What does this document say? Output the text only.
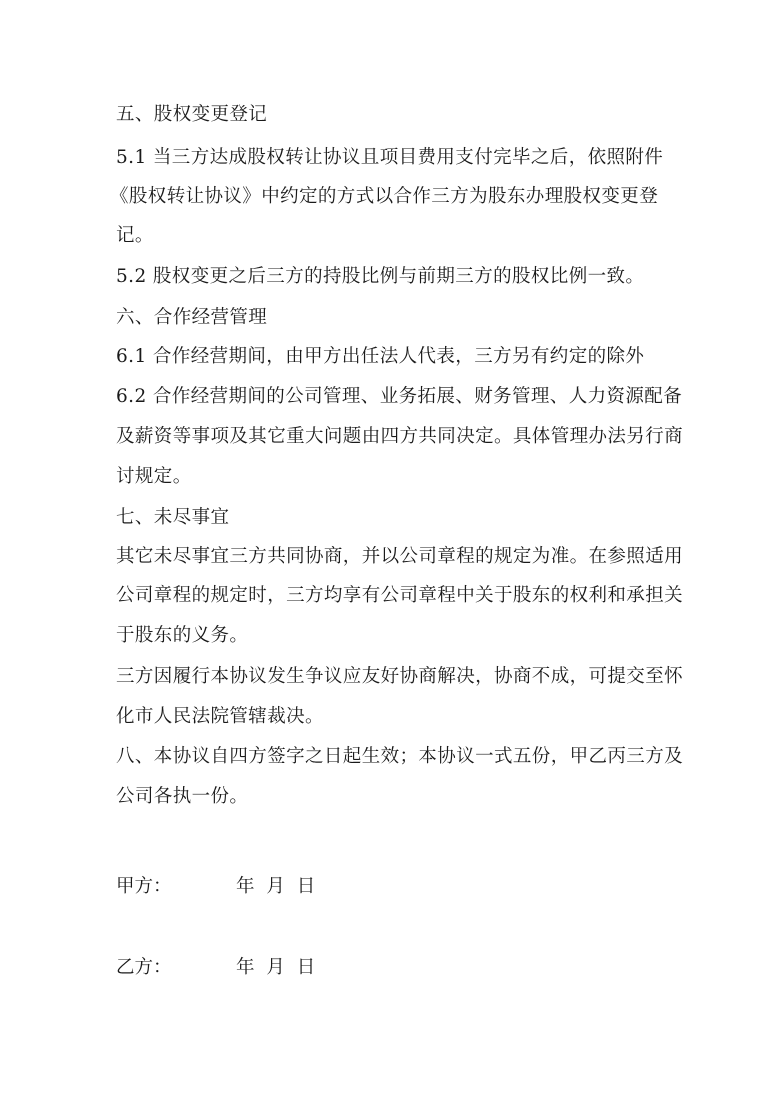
五、股权变更登记
5.1 当三方达成股权转让协议且项目费用支付完毕之后，依照附件
《股权转让协议》中约定的方式以合作三方为股东办理股权变更登
记。
5.2 股权变更之后三方的持股比例与前期三方的股权比例一致。
六、合作经营管理
6.1 合作经营期间，由甲方出任法人代表，三方另有约定的除外
6.2 合作经营期间的公司管理、业务拓展、财务管理、人力资源配备
及薪资等事项及其它重大问题由四方共同决定。具体管理办法另行商
讨规定。
七、未尽事宜
其它未尽事宜三方共同协商，并以公司章程的规定为准。在参照适用
公司章程的规定时，三方均享有公司章程中关于股东的权利和承担关
于股东的义务。
三方因履行本协议发生争议应友好协商解决，协商不成，可提交至怀
化市人民法院管辖裁决。
八、本协议自四方签字之日起生效；本协议一式五份，甲乙丙三方及
公司各执一份。
甲方：	年 月 日
乙方：	年 月 日
